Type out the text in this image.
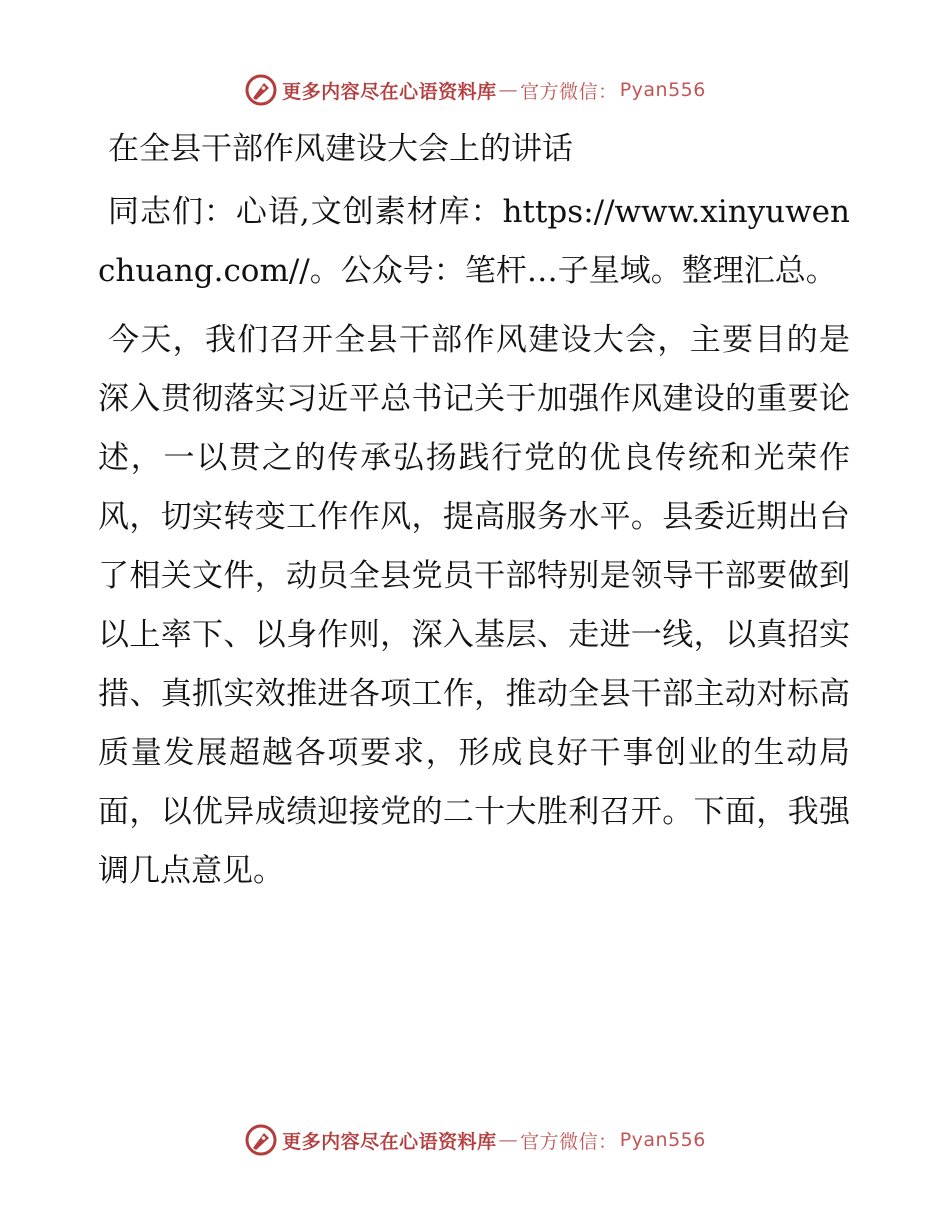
更多内容尽在心语资料库 — 官方微信： Pyan556

在全县干部作风建设大会上的讲话

同志们：心语,文创素材库：https://www.xinyuwenchuang.com//。公众号：笔杆…子星域。整理汇总。

今天，我们召开全县干部作风建设大会，主要目的是深入贯彻落实习近平总书记关于加强作风建设的重要论述，一以贯之的传承弘扬践行党的优良传统和光荣作风，切实转变工作作风，提高服务水平。县委近期出台了相关文件，动员全县党员干部特别是领导干部要做到以上率下、以身作则，深入基层、走进一线，以真招实措、真抓实效推进各项工作，推动全县干部主动对标高质量发展超越各项要求，形成良好干事创业的生动局面，以优异成绩迎接党的二十大胜利召开。下面，我强调几点意见。

更多内容尽在心语资料库 — 官方微信： Pyan556
